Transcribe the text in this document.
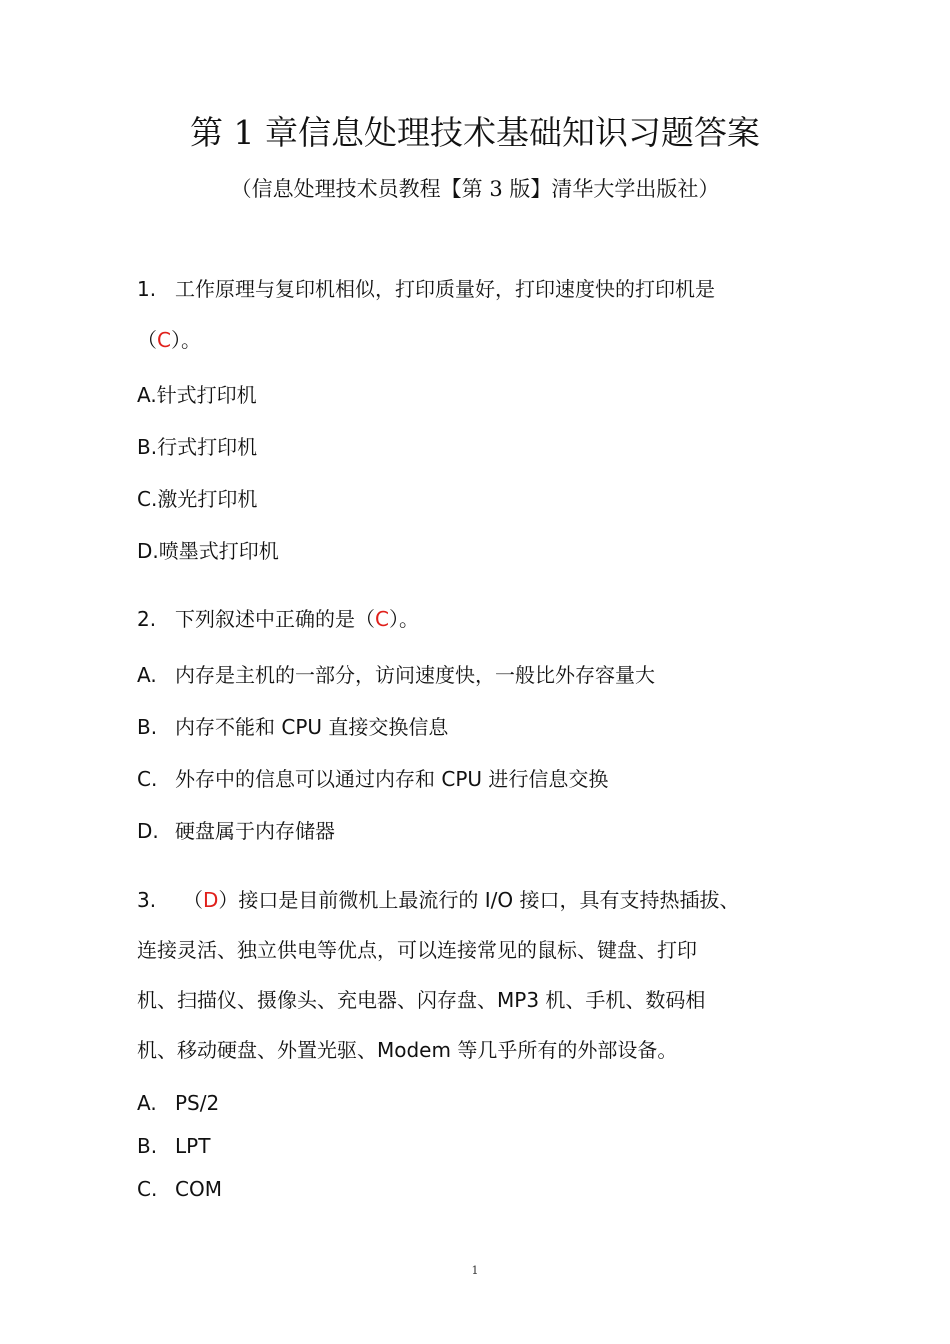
第 1 章信息处理技术基础知识习题答案
（信息处理技术员教程【第 3 版】清华大学出版社）
1. 工作原理与复印机相似，打印质量好，打印速度快的打印机是
（C）。
A.针式打印机
B.行式打印机
C.激光打印机
D.喷墨式打印机
2. 下列叙述中正确的是（C）。
A. 内存是主机的一部分，访问速度快，一般比外存容量大
B. 内存不能和 CPU 直接交换信息
C. 外存中的信息可以通过内存和 CPU 进行信息交换
D. 硬盘属于内存储器
3. （D）接口是目前微机上最流行的 I/O 接口，具有支持热插拔、
连接灵活、独立供电等优点，可以连接常见的鼠标、键盘、打印
机、扫描仪、摄像头、充电器、闪存盘、MP3 机、手机、数码相
机、移动硬盘、外置光驱、Modem 等几乎所有的外部设备。
A. PS/2
B. LPT
C. COM
1
